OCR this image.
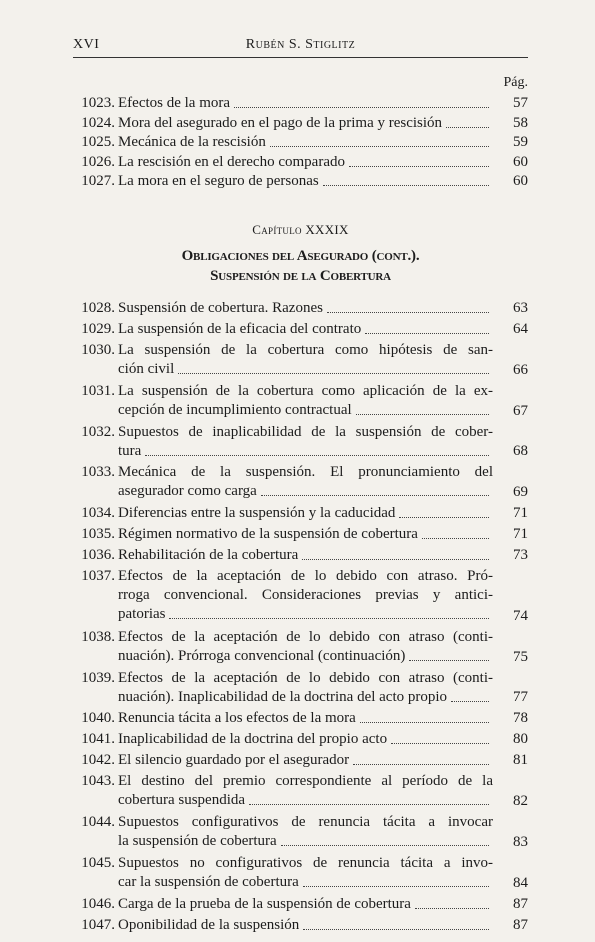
XVI	Rubén S. Stiglitz
Pág.
1023. Efectos de la mora	57
1024. Mora del asegurado en el pago de la prima y rescisión	58
1025. Mecánica de la rescisión	59
1026. La rescisión en el derecho comparado	60
1027. La mora en el seguro de personas	60
Capítulo XXXIX
Obligaciones del Asegurado (cont.).
Suspensión de la Cobertura
1028. Suspensión de cobertura. Razones	63
1029. La suspensión de la eficacia del contrato	64
1030. La suspensión de la cobertura como hipótesis de san-
ción civil	66
1031. La suspensión de la cobertura como aplicación de la ex-
cepción de incumplimiento contractual	67
1032. Supuestos de inaplicabilidad de la suspensión de cober-
tura	68
1033. Mecánica de la suspensión. El pronunciamiento del
asegurador como carga	69
1034. Diferencias entre la suspensión y la caducidad	71
1035. Régimen normativo de la suspensión de cobertura	71
1036. Rehabilitación de la cobertura	73
1037. Efectos de la aceptación de lo debido con atraso. Pró-
rroga convencional. Consideraciones previas y antici-
patorias	74
1038. Efectos de la aceptación de lo debido con atraso (conti-
nuación). Prórroga convencional (continuación)	75
1039. Efectos de la aceptación de lo debido con atraso (conti-
nuación). Inaplicabilidad de la doctrina del acto propio	77
1040. Renuncia tácita a los efectos de la mora	78
1041. Inaplicabilidad de la doctrina del propio acto	80
1042. El silencio guardado por el asegurador	81
1043. El destino del premio correspondiente al período de la
cobertura suspendida	82
1044. Supuestos configurativos de renuncia tácita a invocar
la suspensión de cobertura	83
1045. Supuestos no configurativos de renuncia tácita a invo-
car la suspensión de cobertura	84
1046. Carga de la prueba de la suspensión de cobertura	87
1047. Oponibilidad de la suspensión	87
